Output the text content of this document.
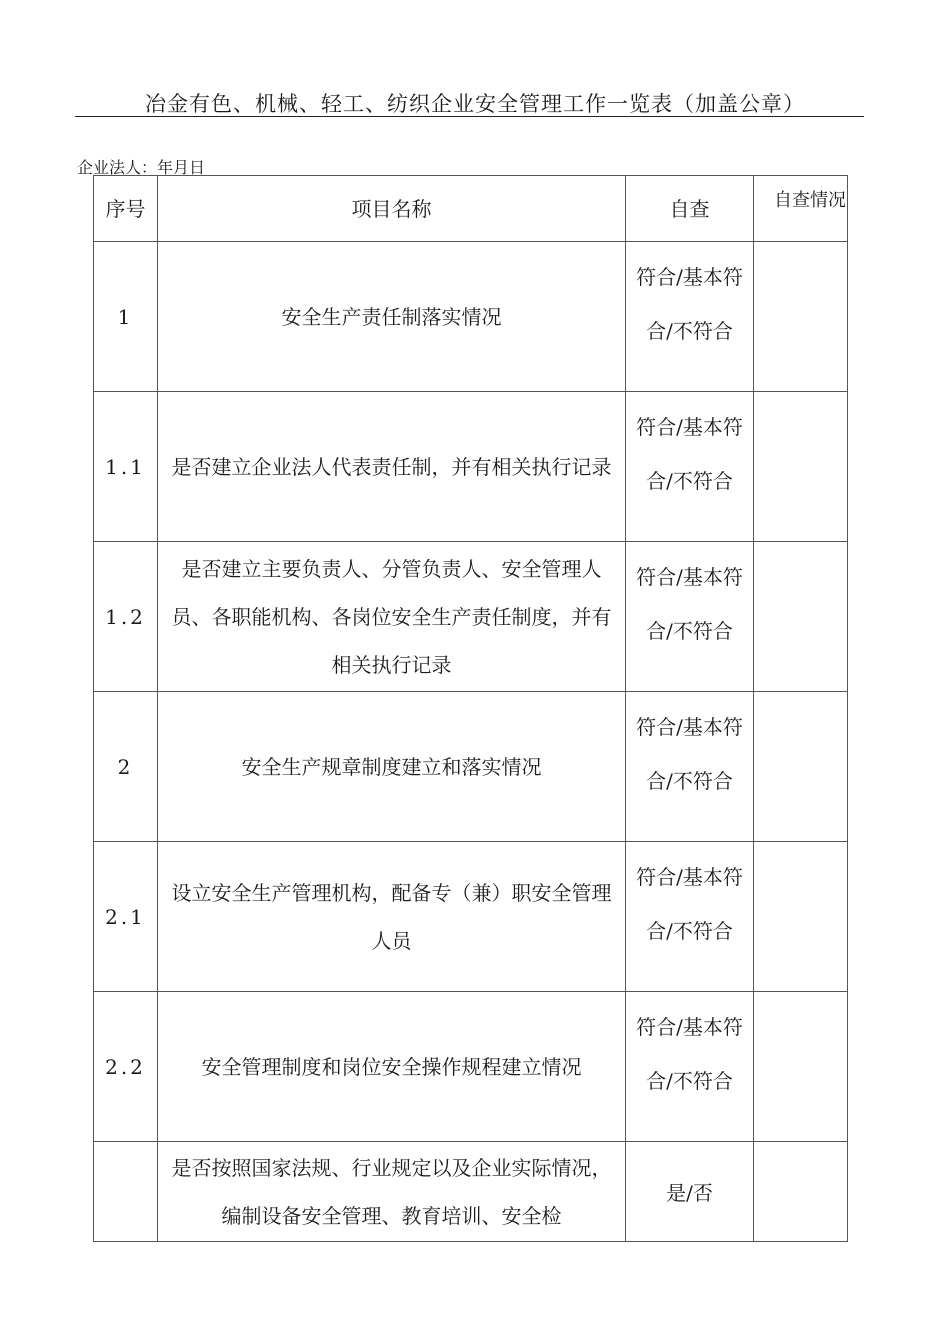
冶金有色、机械、轻工、纺织企业安全管理工作一览表（加盖公章）
企业法人：年月日
序号	项目名称	自查	自查情况

1	安全生产责任制落实情况	符合/基本符合/不符合	

1.1	是否建立企业法人代表责任制，并有相关执行记录	符合/基本符合/不符合	

1.2	是否建立主要负责人、分管负责人、安全管理人员、各职能机构、各岗位安全生产责任制度，并有相关执行记录	符合/基本符合/不符合	

2	安全生产规章制度建立和落实情况	符合/基本符合/不符合	

2.1	设立安全生产管理机构，配备专（兼）职安全管理人员	符合/基本符合/不符合	

2.2	安全管理制度和岗位安全操作规程建立情况	符合/基本符合/不符合	

	是否按照国家法规、行业规定以及企业实际情况，编制设备安全管理、教育培训、安全检	是/否	
